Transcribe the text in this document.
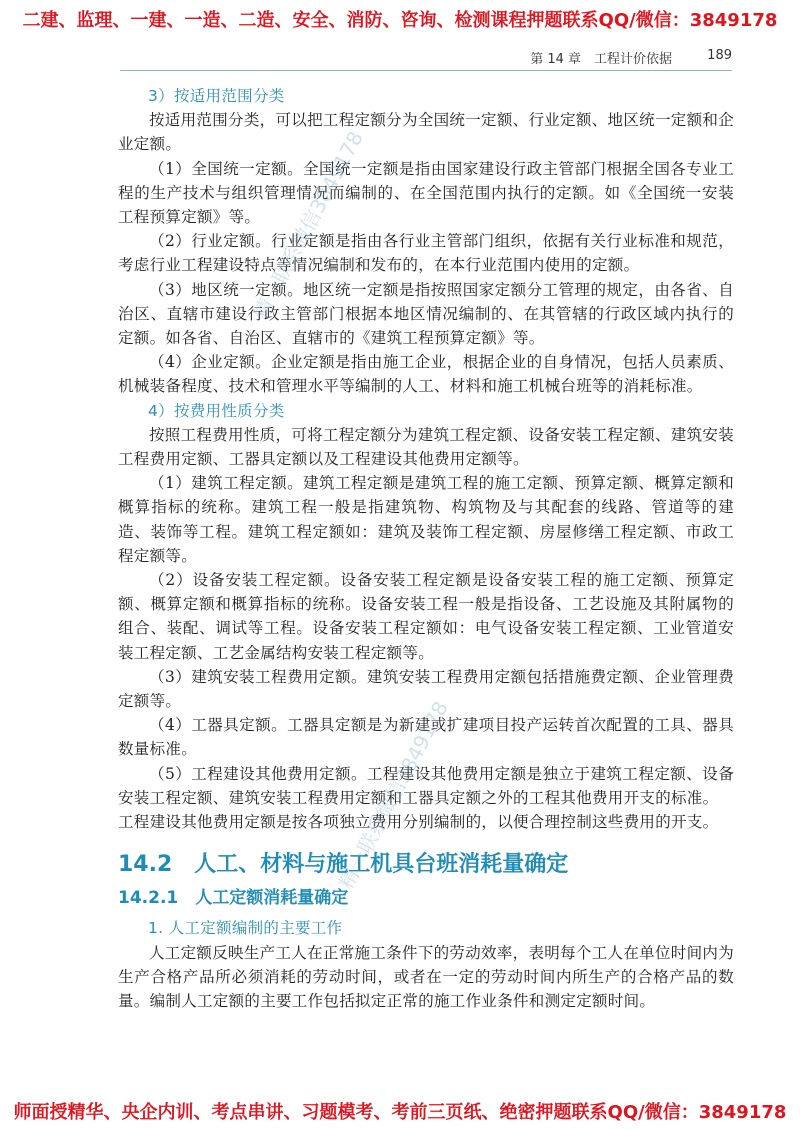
二建、监理、一建、一造、二造、安全、消防、咨询、检测课程押题联系QQ/微信：3849178
第 14 章　工程计价依据	189

3）按适用范围分类

按适用范围分类，可以把工程定额分为全国统一定额、行业定额、地区统一定额和企业定额。

（1）全国统一定额。全国统一定额是指由国家建设行政主管部门根据全国各专业工程的生产技术与组织管理情况而编制的、在全国范围内执行的定额。如《全国统一安装工程预算定额》等。

（2）行业定额。行业定额是指由各行业主管部门组织，依据有关行业标准和规范，考虑行业工程建设特点等情况编制和发布的，在本行业范围内使用的定额。

（3）地区统一定额。地区统一定额是指按照国家定额分工管理的规定，由各省、自治区、直辖市建设行政主管部门根据本地区情况编制的、在其管辖的行政区域内执行的定额。如各省、自治区、直辖市的《建筑工程预算定额》等。

（4）企业定额。企业定额是指由施工企业，根据企业的自身情况，包括人员素质、机械装备程度、技术和管理水平等编制的人工、材料和施工机械台班等的消耗标准。

4）按费用性质分类

按照工程费用性质，可将工程定额分为建筑工程定额、设备安装工程定额、建筑安装工程费用定额、工器具定额以及工程建设其他费用定额等。

（1）建筑工程定额。建筑工程定额是建筑工程的施工定额、预算定额、概算定额和概算指标的统称。建筑工程一般是指建筑物、构筑物及与其配套的线路、管道等的建造、装饰等工程。建筑工程定额如：建筑及装饰工程定额、房屋修缮工程定额、市政工程定额等。

（2）设备安装工程定额。设备安装工程定额是设备安装工程的施工定额、预算定额、概算定额和概算指标的统称。设备安装工程一般是指设备、工艺设施及其附属物的组合、装配、调试等工程。设备安装工程定额如：电气设备安装工程定额、工业管道安装工程定额、工艺金属结构安装工程定额等。

（3）建筑安装工程费用定额。建筑安装工程费用定额包括措施费定额、企业管理费定额等。

（4）工器具定额。工器具定额是为新建或扩建项目投产运转首次配置的工具、器具数量标准。

（5）工程建设其他费用定额。工程建设其他费用定额是独立于建筑工程定额、设备安装工程定额、建筑安装工程费用定额和工器具定额之外的工程其他费用开支的标准。

工程建设其他费用定额是按各项独立费用分别编制的，以便合理控制这些费用的开支。

14.2　人工、材料与施工机具台班消耗量确定
14.2.1　人工定额消耗量确定

1. 人工定额编制的主要工作

人工定额反映生产工人在正常施工条件下的劳动效率，表明每个工人在单位时间内为生产合格产品所必须消耗的劳动时间，或者在一定的劳动时间内所生产的合格产品的数量。编制人工定额的主要工作包括拟定正常的施工作业条件和测定定额时间。

精一联系微信3849178
精一联系微信3849178
师面授精华、央企内训、考点串讲、习题模考、考前三页纸、绝密押题联系QQ/微信：3849178
